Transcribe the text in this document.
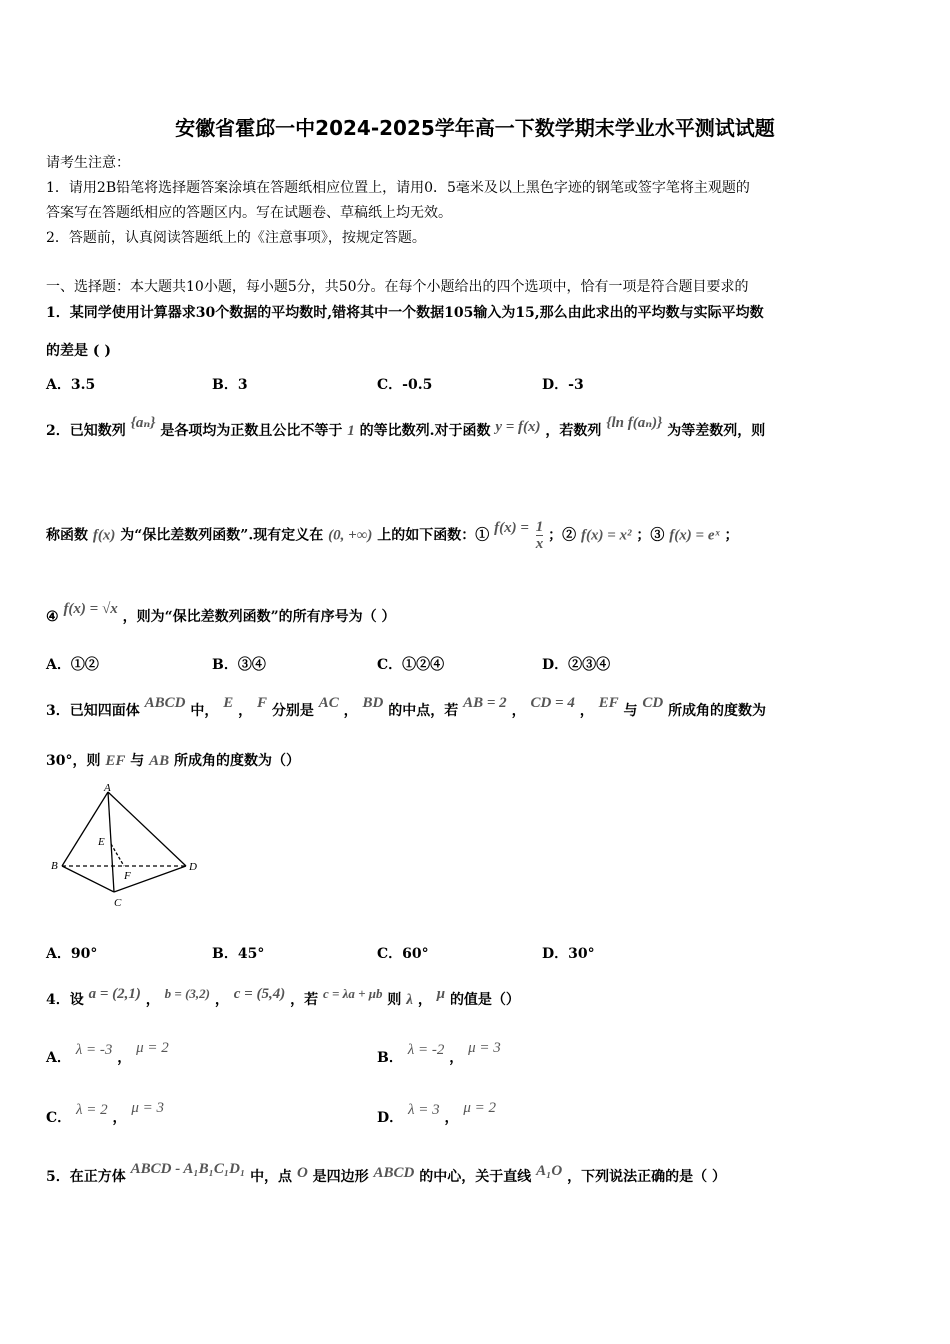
安徽省霍邱一中2024-2025学年高一下数学期末学业水平测试试题
请考生注意：
1．请用2B铅笔将选择题答案涂填在答题纸相应位置上，请用0．5毫米及以上黑色字迹的钢笔或签字笔将主观题的
答案写在答题纸相应的答题区内。写在试题卷、草稿纸上均无效。
2．答题前，认真阅读答题纸上的《注意事项》，按规定答题。
一、选择题：本大题共10小题，每小题5分，共50分。在每个小题给出的四个选项中，恰有一项是符合题目要求的
1．某同学使用计算器求30个数据的平均数时,错将其中一个数据105输入为15,那么由此求出的平均数与实际平均数
的差是 ( )
A．3.5	B．3	C．-0.5	D．-3
2．已知数列 {aₙ} 是各项均为正数且公比不等于 1 的等比数列.对于函数 y = f(x) ，若数列 {ln f(aₙ)} 为等差数列，则
称函数 f(x) 为“保比差数列函数”.现有定义在 (0, +∞) 上的如下函数：① $f(x) = \frac{1}{x}$ ；② f(x) = x² ；③ f(x) = eˣ ；
④ f(x) = √x ，则为“保比差数列函数”的所有序号为（ ）
A．①②	B．③④	C．①②④	D．②③④
3．已知四面体 ABCD 中， E ， F 分别是 AC ， BD 的中点，若 AB = 2 ， CD = 4 ， EF 与 CD 所成角的度数为
30°，则 EF 与 AB 所成角的度数为（）
A
B
C
D
E
F
A．90°	B．45°	C．60°	D．30°
4．设 a = (2,1) ， b = (3,2) ， c = (5,4) ，若 c = λa + μb 则 λ ， μ 的值是（）
A． λ = -3 ， μ = 2
B． λ = -2 ， μ = 3
C． λ = 2 ， μ = 3
D． λ = 3 ， μ = 2
5．在正方体 ABCD - A₁B₁C₁D₁ 中，点 O 是四边形 ABCD 的中心，关于直线 A₁O ，下列说法正确的是（ ）
